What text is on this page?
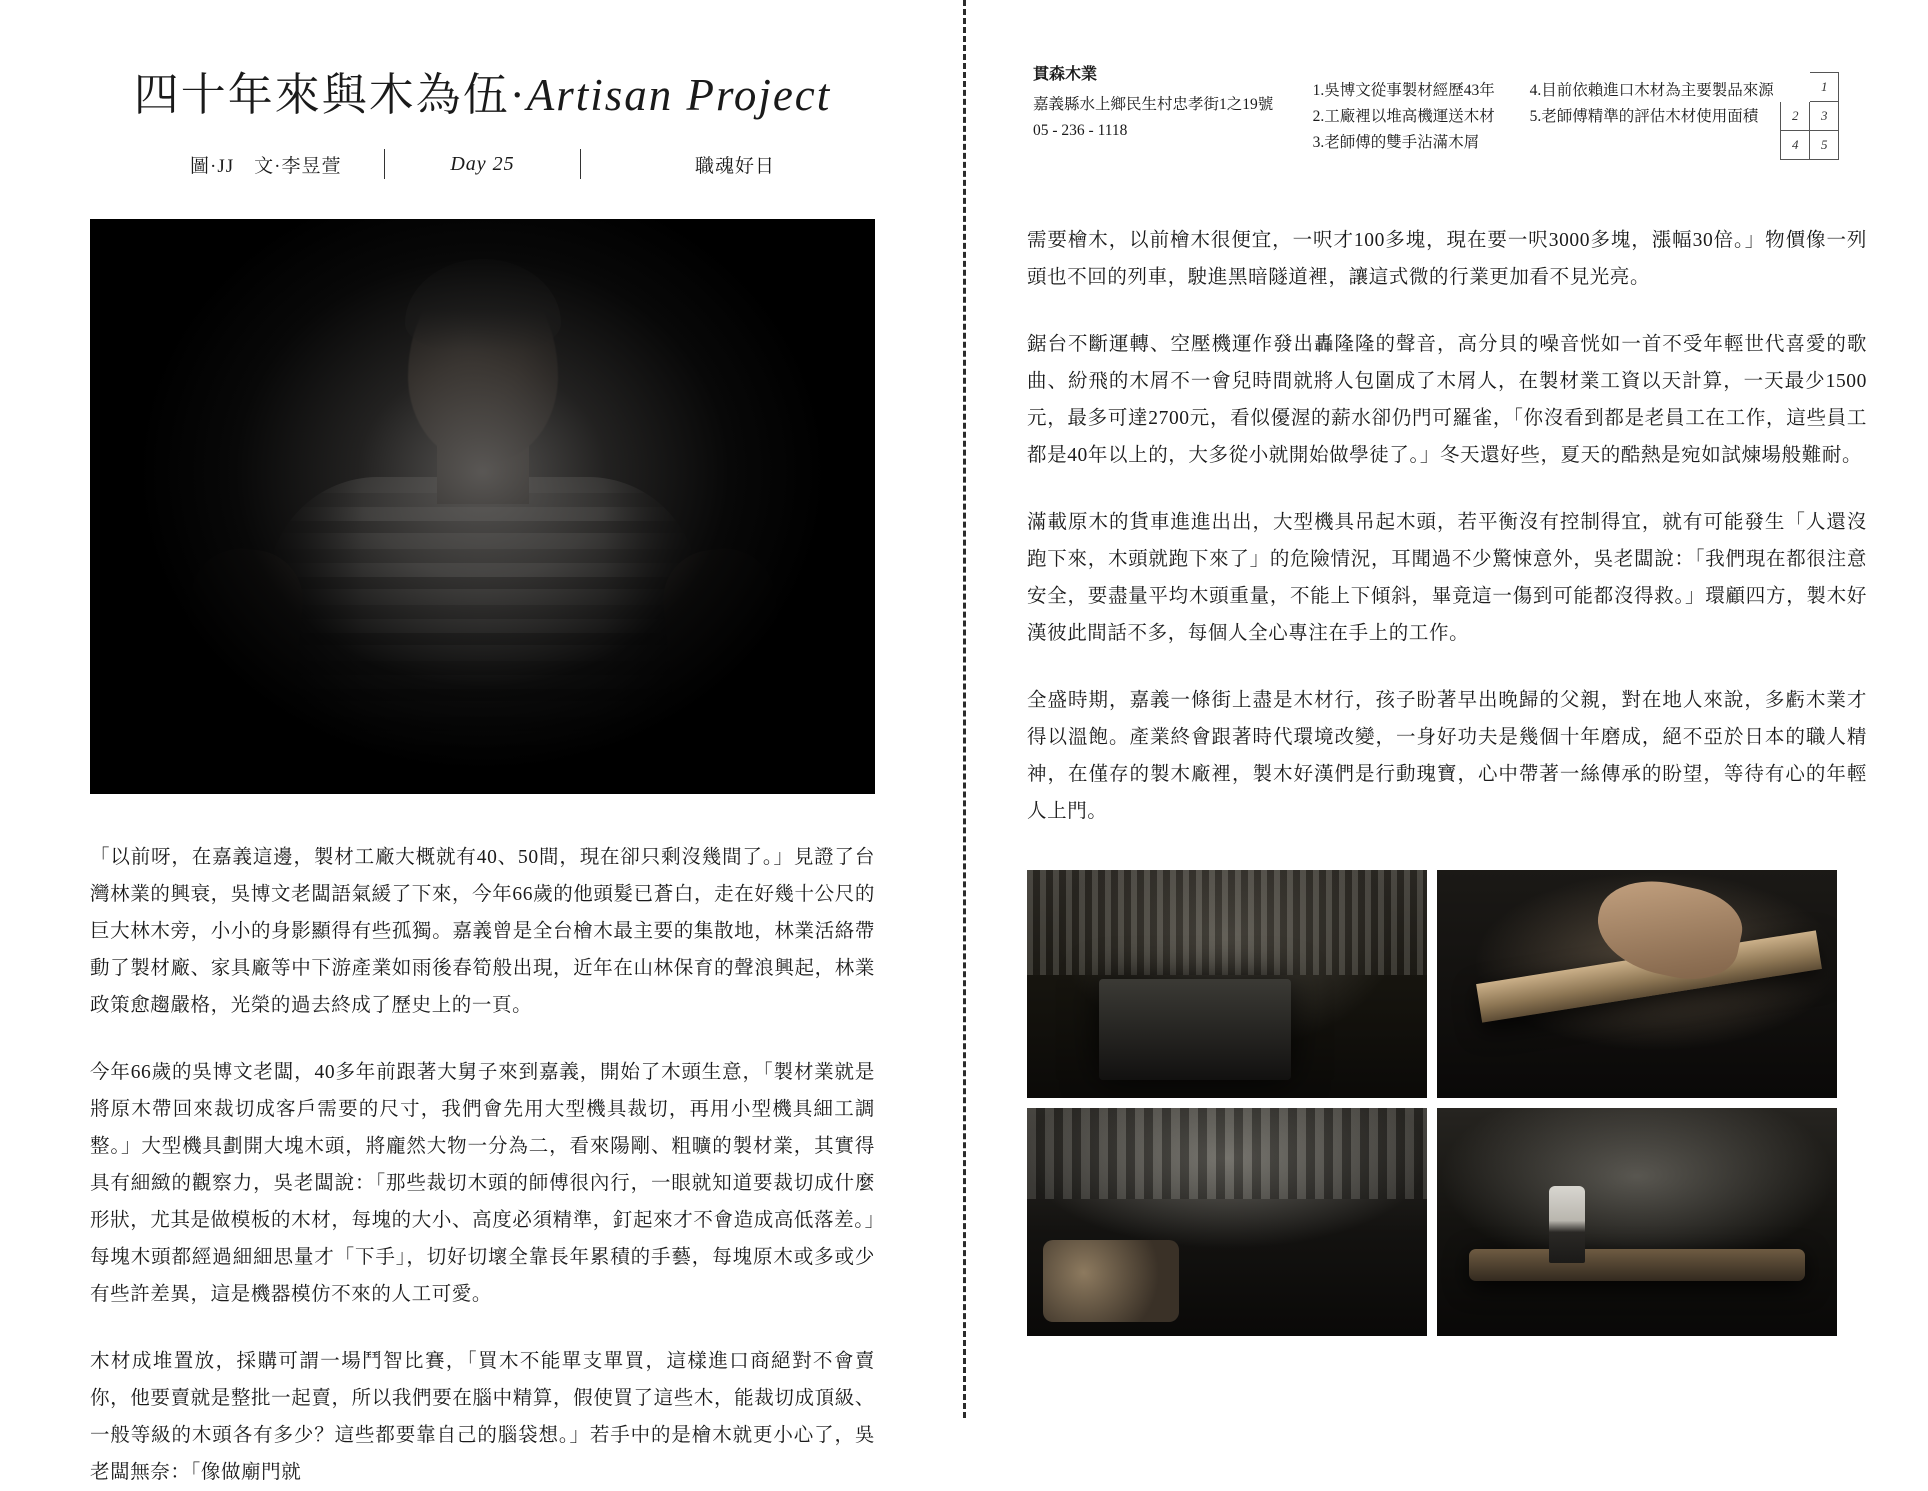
四十年來與木為伍·Artisan Project
圖·JJ　文·李昱萱	Day 25	職魂好日

「以前呀，在嘉義這邊，製材工廠大概就有40、50間，現在卻只剩沒幾間了。」見證了台灣林業的興衰，吳博文老闆語氣緩了下來，今年66歲的他頭髮已蒼白，走在好幾十公尺的巨大林木旁，小小的身影顯得有些孤獨。嘉義曾是全台檜木最主要的集散地，林業活絡帶動了製材廠、家具廠等中下游產業如雨後春筍般出現，近年在山林保育的聲浪興起，林業政策愈趨嚴格，光榮的過去終成了歷史上的一頁。

今年66歲的吳博文老闆，40多年前跟著大舅子來到嘉義，開始了木頭生意，「製材業就是將原木帶回來裁切成客戶需要的尺寸，我們會先用大型機具裁切，再用小型機具細工調整。」大型機具劃開大塊木頭，將龐然大物一分為二，看來陽剛、粗曠的製材業，其實得具有細緻的觀察力，吳老闆說：「那些裁切木頭的師傅很內行，一眼就知道要裁切成什麼形狀，尤其是做模板的木材，每塊的大小、高度必須精準，釘起來才不會造成高低落差。」每塊木頭都經過細細思量才「下手」，切好切壞全靠長年累積的手藝，每塊原木或多或少有些許差異，這是機器模仿不來的人工可愛。

木材成堆置放，採購可謂一場鬥智比賽，「買木不能單支單買，這樣進口商絕對不會賣你，他要賣就是整批一起賣，所以我們要在腦中精算，假使買了這些木，能裁切成頂級、一般等級的木頭各有多少？這些都要靠自己的腦袋想。」若手中的是檜木就更小心了，吳老闆無奈：「像做廟門就

貫森木業
嘉義縣水上鄉民生村忠孝街1之19號
05 - 236 - 1118
1.吳博文從事製材經歷43年
2.工廠裡以堆高機運送木材
3.老師傅的雙手沾滿木屑
4.目前依賴進口木材為主要製品來源
5.老師傅精準的評估木材使用面積
	1	
2	3	
4	5	

需要檜木，以前檜木很便宜，一呎才100多塊，現在要一呎3000多塊，漲幅30倍。」物價像一列頭也不回的列車，駛進黑暗隧道裡，讓這式微的行業更加看不見光亮。

鋸台不斷運轉、空壓機運作發出轟隆隆的聲音，高分貝的噪音恍如一首不受年輕世代喜愛的歌曲、紛飛的木屑不一會兒時間就將人包圍成了木屑人，在製材業工資以天計算，一天最少1500元，最多可達2700元，看似優渥的薪水卻仍門可羅雀，「你沒看到都是老員工在工作，這些員工都是40年以上的，大多從小就開始做學徒了。」冬天還好些，夏天的酷熱是宛如試煉場般難耐。

滿載原木的貨車進進出出，大型機具吊起木頭，若平衡沒有控制得宜，就有可能發生「人還沒跑下來，木頭就跑下來了」的危險情況，耳聞過不少驚悚意外，吳老闆說：「我們現在都很注意安全，要盡量平均木頭重量，不能上下傾斜，畢竟這一傷到可能都沒得救。」環顧四方，製木好漢彼此間話不多，每個人全心專注在手上的工作。

全盛時期，嘉義一條街上盡是木材行，孩子盼著早出晚歸的父親，對在地人來說，多虧木業才得以溫飽。產業終會跟著時代環境改變，一身好功夫是幾個十年磨成，絕不亞於日本的職人精神，在僅存的製木廠裡，製木好漢們是行動瑰寶，心中帶著一絲傳承的盼望，等待有心的年輕人上門。
